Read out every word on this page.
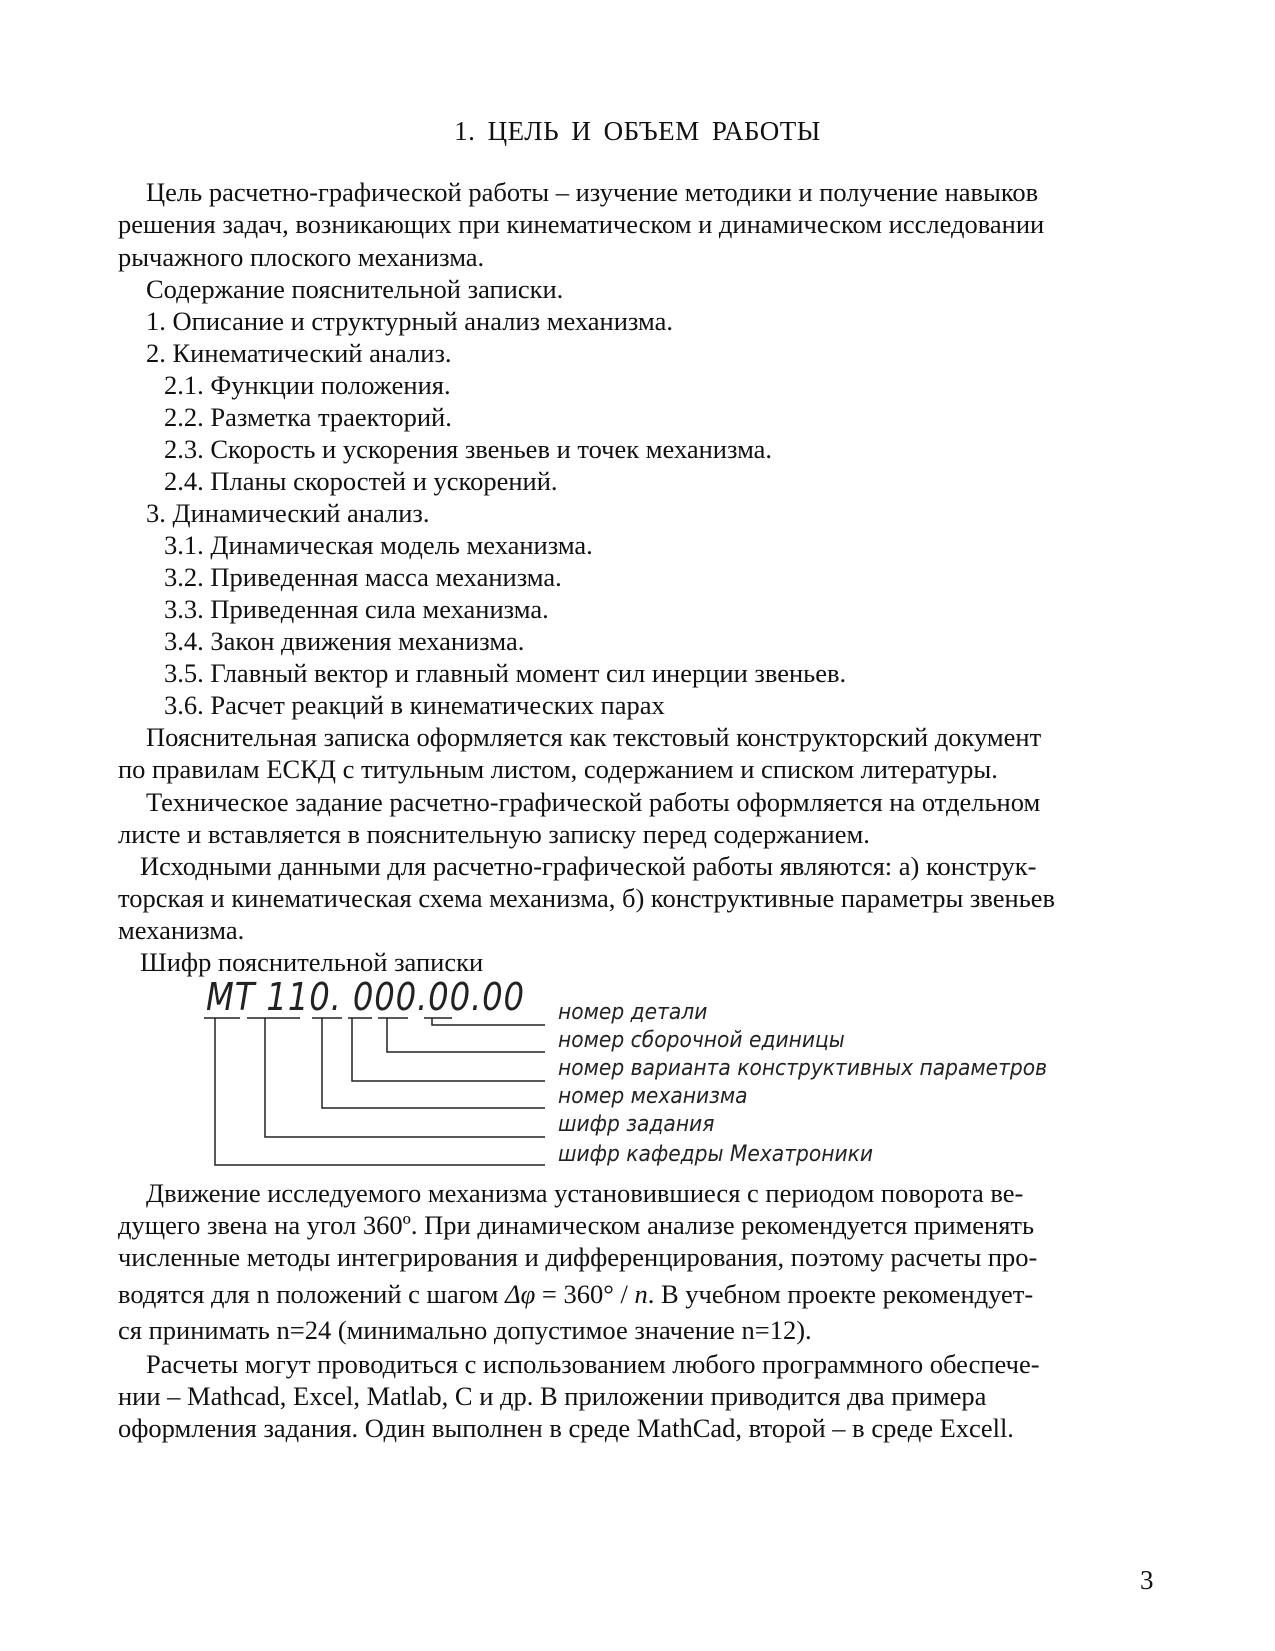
1. ЦЕЛЬ И ОБЪЕМ РАБОТЫ
Цель расчетно-графической работы – изучение методики и получение навыков
решения задач, возникающих при кинематическом и динамическом исследовании
рычажного плоского механизма.
Содержание пояснительной записки.
1. Описание и структурный анализ механизма.
2. Кинематический анализ.
2.1. Функции положения.
2.2. Разметка траекторий.
2.3. Скорость и ускорения звеньев и точек механизма.
2.4. Планы скоростей и ускорений.
3. Динамический анализ.
3.1. Динамическая модель механизма.
3.2. Приведенная масса механизма.
3.3. Приведенная сила механизма.
3.4. Закон движения механизма.
3.5. Главный вектор и главный момент сил инерции звеньев.
3.6. Расчет реакций в кинематических парах
Пояснительная записка оформляется как текстовый конструкторский документ
по правилам ЕСКД с титульным листом, содержанием и списком литературы.
Техническое задание расчетно-графической работы оформляется на отдельном
листе и вставляется в пояснительную записку перед содержанием.
Исходными данными для расчетно-графической работы являются: а) конструк-
торская и кинематическая схема механизма, б) конструктивные параметры звеньев
механизма.
Шифр пояснительной записки
МТ 110. 000.00.00 номер детали
номер сборочной единицы
номер варианта конструктивных параметров
номер механизма
шифр задания
шифр кафедры Мехатроники
Движение исследуемого механизма установившиеся с периодом поворота ве-
дущего звена на угол 360º. При динамическом анализе рекомендуется применять
численные методы интегрирования и дифференцирования, поэтому расчеты про-
водятся для n положений с шагом Δφ = 360° / n. В учебном проекте рекомендует-
ся принимать n=24 (минимально допустимое значение n=12).
Расчеты могут проводиться с использованием любого программного обеспече-
нии – Mathcad, Excel, Matlab, C и др. В приложении приводится два примера
оформления задания. Один выполнен в среде MathCad, второй – в среде Excell.
3
